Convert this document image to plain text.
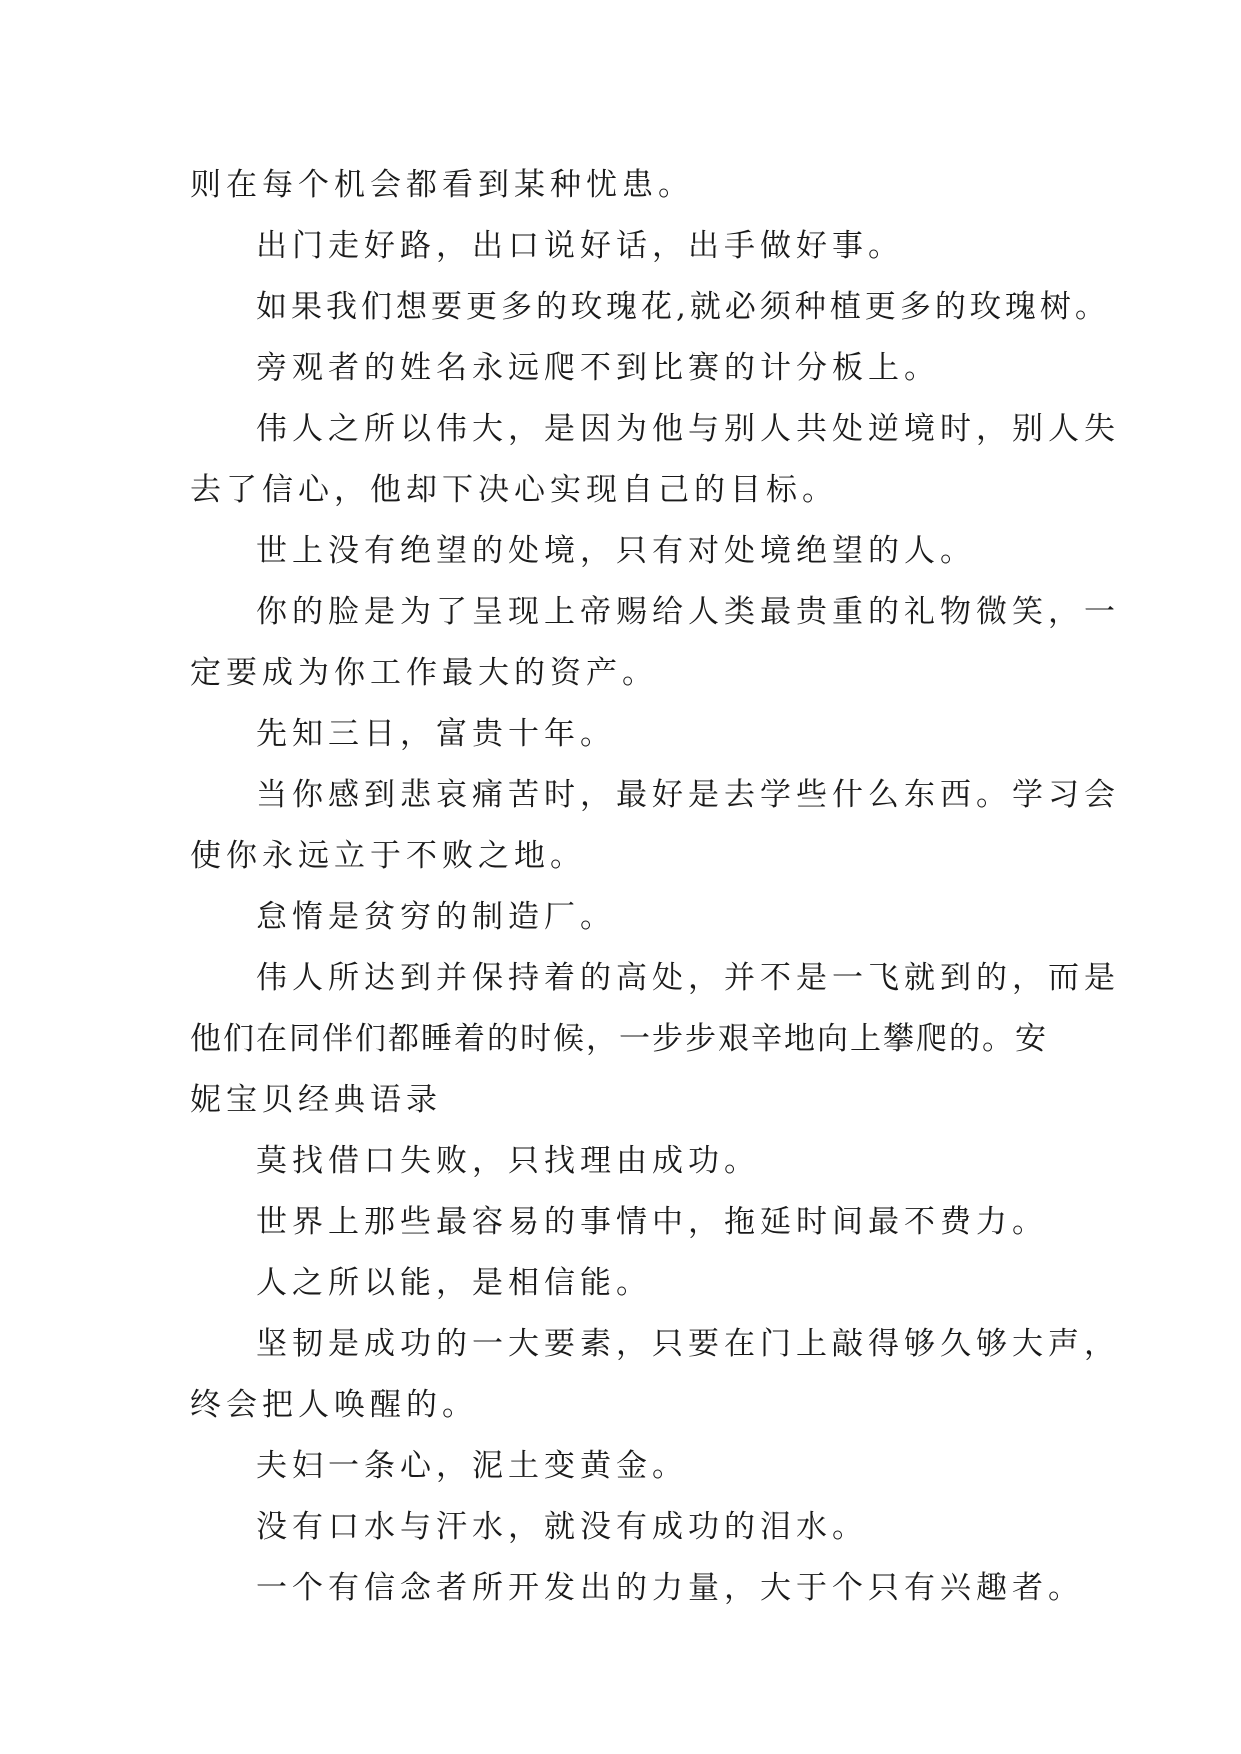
则在每个机会都看到某种忧患。
出门走好路，出口说好话，出手做好事。
如果我们想要更多的玫瑰花,就必须种植更多的玫瑰树。
旁观者的姓名永远爬不到比赛的计分板上。
伟人之所以伟大，是因为他与别人共处逆境时，别人失
去了信心，他却下决心实现自己的目标。
世上没有绝望的处境，只有对处境绝望的人。
你的脸是为了呈现上帝赐给人类最贵重的礼物微笑，一
定要成为你工作最大的资产。
先知三日，富贵十年。
当你感到悲哀痛苦时，最好是去学些什么东西。学习会
使你永远立于不败之地。
怠惰是贫穷的制造厂。
伟人所达到并保持着的高处，并不是一飞就到的，而是
他们在同伴们都睡着的时候，一步步艰辛地向上攀爬的。安
妮宝贝经典语录
莫找借口失败，只找理由成功。
世界上那些最容易的事情中，拖延时间最不费力。
人之所以能，是相信能。
坚韧是成功的一大要素，只要在门上敲得够久够大声，
终会把人唤醒的。
夫妇一条心，泥土变黄金。
没有口水与汗水，就没有成功的泪水。
一个有信念者所开发出的力量，大于个只有兴趣者。
